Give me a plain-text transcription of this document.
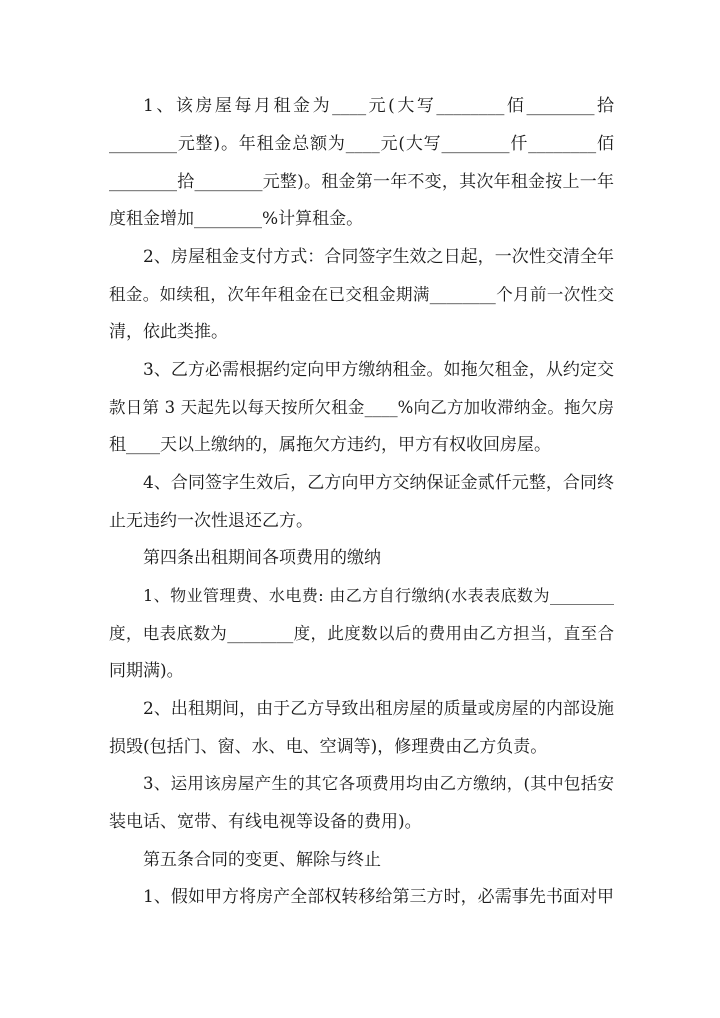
1、该房屋每月租金为____元(大写________佰________拾
________元整)。年租金总额为____元(大写________仟________佰
________拾________元整)。租金第一年不变，其次年租金按上一年
度租金增加________%计算租金。
2、房屋租金支付方式：合同签字生效之日起，一次性交清全年
租金。如续租，次年年租金在已交租金期满________个月前一次性交
清，依此类推。
3、乙方必需根据约定向甲方缴纳租金。如拖欠租金，从约定交
款日第 3 天起先以每天按所欠租金____%向乙方加收滞纳金。拖欠房
租____天以上缴纳的，属拖欠方违约，甲方有权收回房屋。
4、合同签字生效后，乙方向甲方交纳保证金贰仟元整，合同终
止无违约一次性退还乙方。
第四条出租期间各项费用的缴纳
1、物业管理费、水电费: 由乙方自行缴纳(水表表底数为________
度，电表底数为________度，此度数以后的费用由乙方担当，直至合
同期满)。
2、出租期间，由于乙方导致出租房屋的质量或房屋的内部设施
损毁(包括门、窗、水、电、空调等)，修理费由乙方负责。
3、运用该房屋产生的其它各项费用均由乙方缴纳，(其中包括安
装电话、宽带、有线电视等设备的费用)。
第五条合同的变更、解除与终止
1、假如甲方将房产全部权转移给第三方时，必需事先书面对甲
